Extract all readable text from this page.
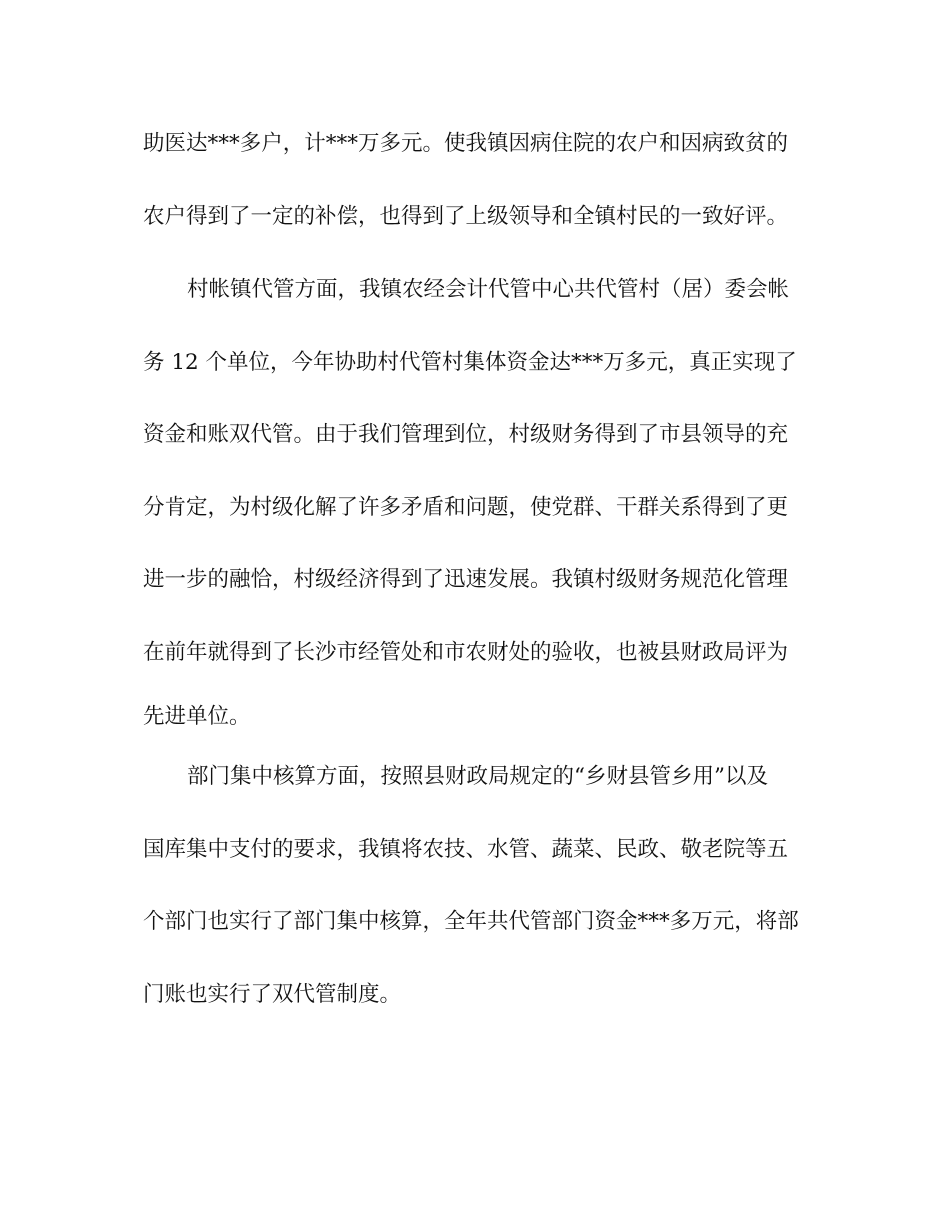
助医达***多户，计***万多元。使我镇因病住院的农户和因病致贫的
农户得到了一定的补偿，也得到了上级领导和全镇村民的一致好评。
村帐镇代管方面，我镇农经会计代管中心共代管村（居）委会帐
务 12 个单位，今年协助村代管村集体资金达***万多元，真正实现了
资金和账双代管。由于我们管理到位，村级财务得到了市县领导的充
分肯定，为村级化解了许多矛盾和问题，使党群、干群关系得到了更
进一步的融恰，村级经济得到了迅速发展。我镇村级财务规范化管理
在前年就得到了长沙市经管处和市农财处的验收，也被县财政局评为
先进单位。
部门集中核算方面，按照县财政局规定的“乡财县管乡用”以及
国库集中支付的要求，我镇将农技、水管、蔬菜、民政、敬老院等五
个部门也实行了部门集中核算，全年共代管部门资金***多万元，将部
门账也实行了双代管制度。
